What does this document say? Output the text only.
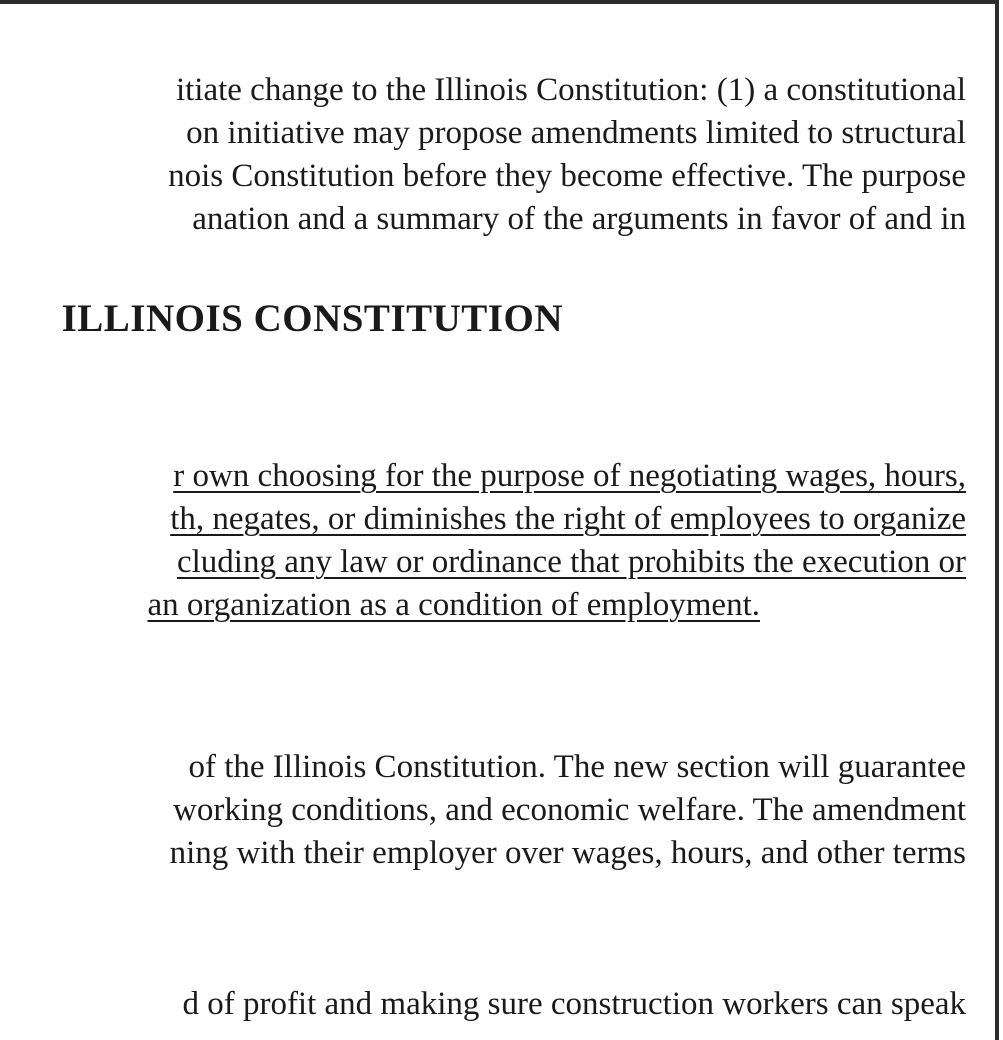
itiate change to the Illinois Constitution: (1) a constitutional
on initiative may propose amendments limited to structural
nois Constitution before they become effective. The purpose
anation and a summary of the arguments in favor of and in
ILLINOIS CONSTITUTION
r own choosing for the purpose of negotiating wages, hours,
th, negates, or diminishes the right of employees to organize
cluding any law or ordinance that prohibits the execution or
an organization as a condition of employment.
of the Illinois Constitution. The new section will guarantee
working conditions, and economic welfare. The amendment
ning with their employer over wages, hours, and other terms
d of profit and making sure construction workers can speak
